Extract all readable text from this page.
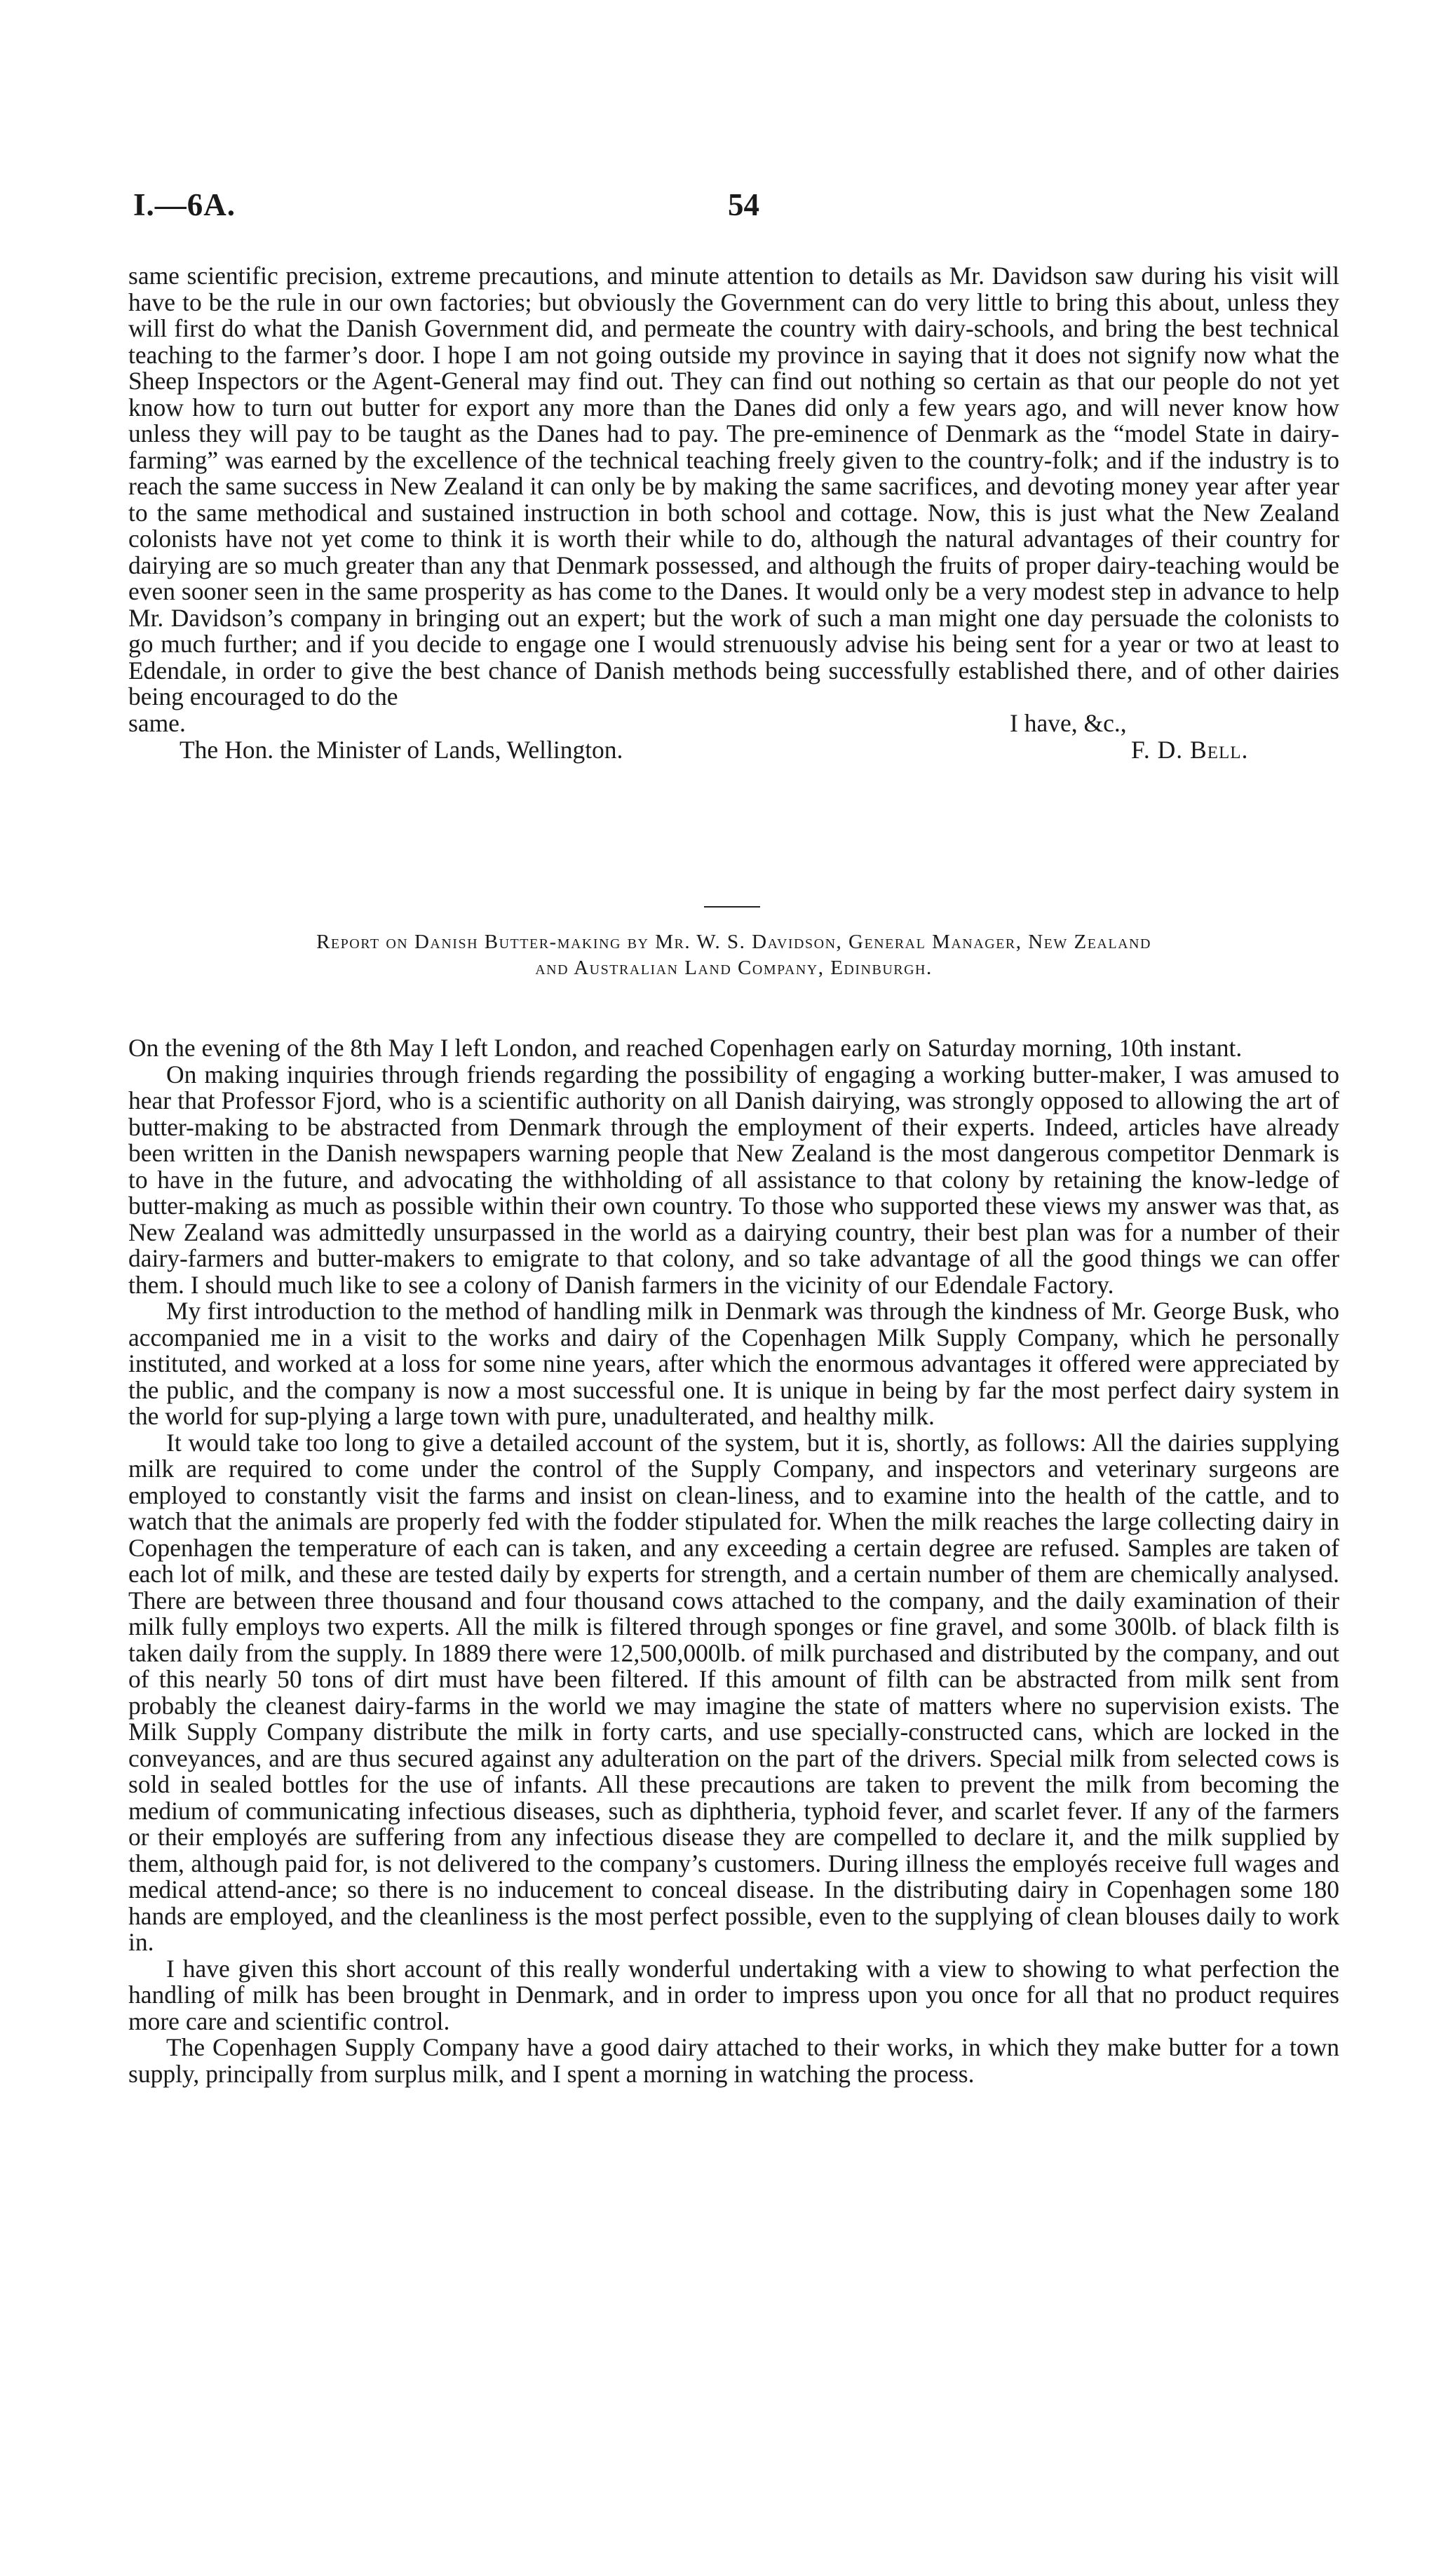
I.—6A.	54

same scientific precision, extreme precautions, and minute attention to details as Mr. Davidson saw during his visit will have to be the rule in our own factories; but obviously the Government can do very little to bring this about, unless they will first do what the Danish Government did, and permeate the country with dairy-schools, and bring the best technical teaching to the farmer’s door. I hope I am not going outside my province in saying that it does not signify now what the Sheep Inspectors or the Agent-General may find out. They can find out nothing so certain as that our people do not yet know how to turn out butter for export any more than the Danes did only a few years ago, and will never know how unless they will pay to be taught as the Danes had to pay. The pre-eminence of Denmark as the “model State in dairy-farming” was earned by the excellence of the technical teaching freely given to the country-folk; and if the industry is to reach the same success in New Zealand it can only be by making the same sacrifices, and devoting money year after year to the same methodical and sustained instruction in both school and cottage. Now, this is just what the New Zealand colonists have not yet come to think it is worth their while to do, although the natural advantages of their country for dairying are so much greater than any that Denmark possessed, and although the fruits of proper dairy-teaching would be even sooner seen in the same prosperity as has come to the Danes. It would only be a very modest step in advance to help Mr. Davidson’s company in bringing out an expert; but the work of such a man might one day persuade the colonists to go much further; and if you decide to engage one I would strenuously advise his being sent for a year or two at least to Edendale, in order to give the best chance of Danish methods being successfully established there, and of other dairies being encouraged to do the

same.	I have, &c.,
The Hon. the Minister of Lands, Wellington.	F. D. Bell.
Report on Danish Butter-making by Mr. W. S. Davidson, General Manager, New Zealand
and Australian Land Company, Edinburgh.

On the evening of the 8th May I left London, and reached Copenhagen early on Saturday morning, 10th instant.

On making inquiries through friends regarding the possibility of engaging a working butter-maker, I was amused to hear that Professor Fjord, who is a scientific authority on all Danish dairying, was strongly opposed to allowing the art of butter-making to be abstracted from Denmark through the employment of their experts. Indeed, articles have already been written in the Danish newspapers warning people that New Zealand is the most dangerous competitor Denmark is to have in the future, and advocating the withholding of all assistance to that colony by retaining the know-ledge of butter-making as much as possible within their own country. To those who supported these views my answer was that, as New Zealand was admittedly unsurpassed in the world as a dairying country, their best plan was for a number of their dairy-farmers and butter-makers to emigrate to that colony, and so take advantage of all the good things we can offer them. I should much like to see a colony of Danish farmers in the vicinity of our Edendale Factory.

My first introduction to the method of handling milk in Denmark was through the kindness of Mr. George Busk, who accompanied me in a visit to the works and dairy of the Copenhagen Milk Supply Company, which he personally instituted, and worked at a loss for some nine years, after which the enormous advantages it offered were appreciated by the public, and the company is now a most successful one. It is unique in being by far the most perfect dairy system in the world for sup-plying a large town with pure, unadulterated, and healthy milk.

It would take too long to give a detailed account of the system, but it is, shortly, as follows: All the dairies supplying milk are required to come under the control of the Supply Company, and inspectors and veterinary surgeons are employed to constantly visit the farms and insist on clean-liness, and to examine into the health of the cattle, and to watch that the animals are properly fed with the fodder stipulated for. When the milk reaches the large collecting dairy in Copenhagen the temperature of each can is taken, and any exceeding a certain degree are refused. Samples are taken of each lot of milk, and these are tested daily by experts for strength, and a certain number of them are chemically analysed. There are between three thousand and four thousand cows attached to the company, and the daily examination of their milk fully employs two experts. All the milk is filtered through sponges or fine gravel, and some 300lb. of black filth is taken daily from the supply. In 1889 there were 12,500,000lb. of milk purchased and distributed by the company, and out of this nearly 50 tons of dirt must have been filtered. If this amount of filth can be abstracted from milk sent from probably the cleanest dairy-farms in the world we may imagine the state of matters where no supervision exists. The Milk Supply Company distribute the milk in forty carts, and use specially-constructed cans, which are locked in the conveyances, and are thus secured against any adulteration on the part of the drivers. Special milk from selected cows is sold in sealed bottles for the use of infants. All these precautions are taken to prevent the milk from becoming the medium of communicating infectious diseases, such as diphtheria, typhoid fever, and scarlet fever. If any of the farmers or their employés are suffering from any infectious disease they are compelled to declare it, and the milk supplied by them, although paid for, is not delivered to the company’s customers. During illness the employés receive full wages and medical attend-ance; so there is no inducement to conceal disease. In the distributing dairy in Copenhagen some 180 hands are employed, and the cleanliness is the most perfect possible, even to the supplying of clean blouses daily to work in.

I have given this short account of this really wonderful undertaking with a view to showing to what perfection the handling of milk has been brought in Denmark, and in order to impress upon you once for all that no product requires more care and scientific control.

The Copenhagen Supply Company have a good dairy attached to their works, in which they make butter for a town supply, principally from surplus milk, and I spent a morning in watching the process.
